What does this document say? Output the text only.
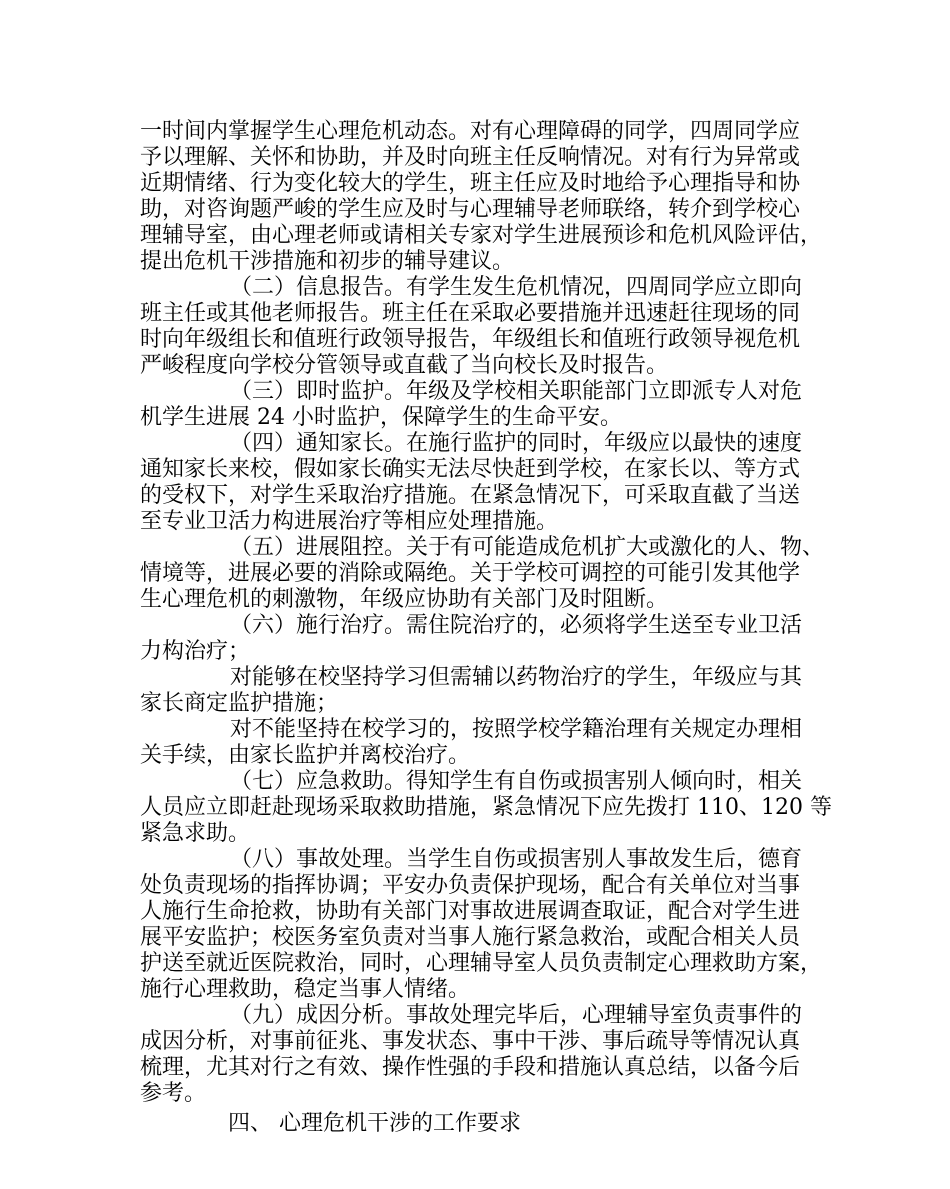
一时间内掌握学生心理危机动态。对有心理障碍的同学，四周同学应
予以理解、关怀和协助，并及时向班主任反响情况。对有行为异常或
近期情绪、行为变化较大的学生，班主任应及时地给予心理指导和协
助，对咨询题严峻的学生应及时与心理辅导老师联络，转介到学校心
理辅导室，由心理老师或请相关专家对学生进展预诊和危机风险评估，
提出危机干涉措施和初步的辅导建议。
（二）信息报告。有学生发生危机情况，四周同学应立即向
班主任或其他老师报告。班主任在采取必要措施并迅速赶往现场的同
时向年级组长和值班行政领导报告，年级组长和值班行政领导视危机
严峻程度向学校分管领导或直截了当向校长及时报告。
（三）即时监护。年级及学校相关职能部门立即派专人对危
机学生进展 24 小时监护，保障学生的生命平安。
（四）通知家长。在施行监护的同时，年级应以最快的速度
通知家长来校，假如家长确实无法尽快赶到学校，在家长以、等方式
的受权下，对学生采取治疗措施。在紧急情况下，可采取直截了当送
至专业卫活力构进展治疗等相应处理措施。
（五）进展阻控。关于有可能造成危机扩大或激化的人、物、
情境等，进展必要的消除或隔绝。关于学校可调控的可能引发其他学
生心理危机的刺激物，年级应协助有关部门及时阻断。
（六）施行治疗。需住院治疗的，必须将学生送至专业卫活
力构治疗；
对能够在校坚持学习但需辅以药物治疗的学生，年级应与其
家长商定监护措施；
对不能坚持在校学习的，按照学校学籍治理有关规定办理相
关手续，由家长监护并离校治疗。
（七）应急救助。得知学生有自伤或损害别人倾向时，相关
人员应立即赶赴现场采取救助措施，紧急情况下应先拨打 110、120 等
紧急求助。
（八）事故处理。当学生自伤或损害别人事故发生后，德育
处负责现场的指挥协调；平安办负责保护现场，配合有关单位对当事
人施行生命抢救，协助有关部门对事故进展调查取证，配合对学生进
展平安监护；校医务室负责对当事人施行紧急救治，或配合相关人员
护送至就近医院救治，同时，心理辅导室人员负责制定心理救助方案，
施行心理救助，稳定当事人情绪。
（九）成因分析。事故处理完毕后，心理辅导室负责事件的
成因分析，对事前征兆、事发状态、事中干涉、事后疏导等情况认真
梳理，尤其对行之有效、操作性强的手段和措施认真总结，以备今后
参考。
四、 心理危机干涉的工作要求
